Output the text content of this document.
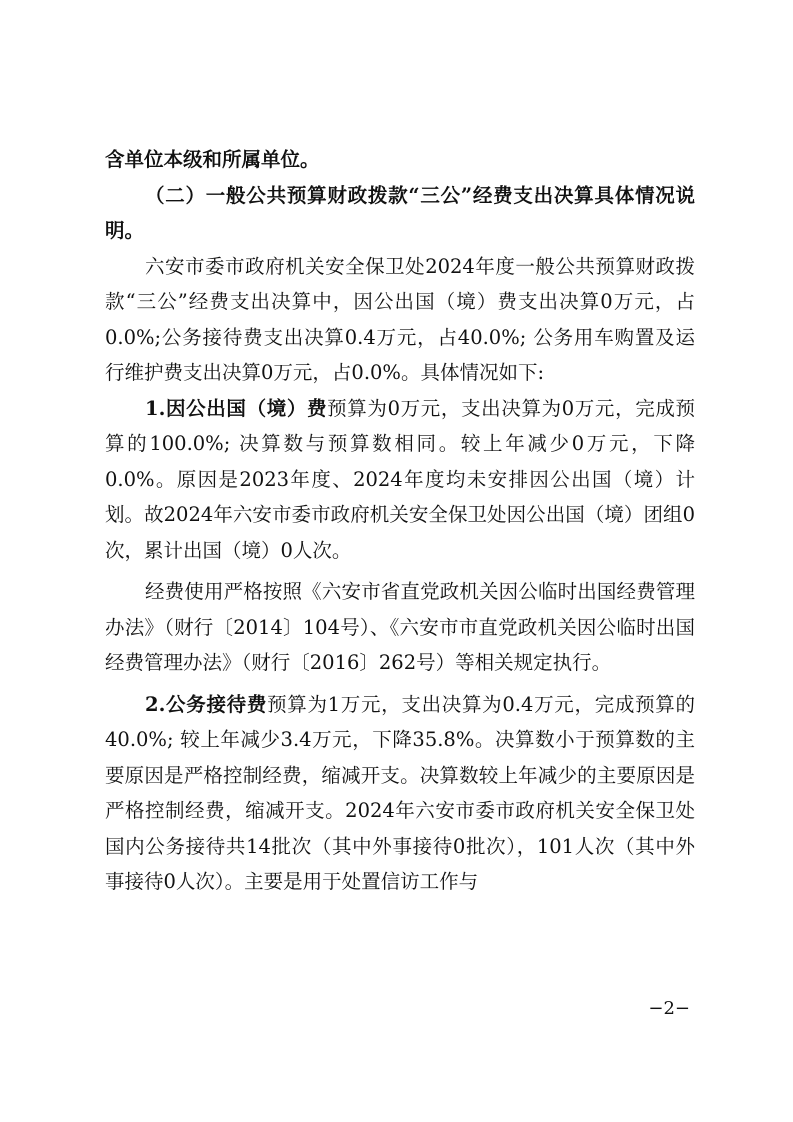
含单位本级和所属单位。

（二）一般公共预算财政拨款“三公”经费支出决算具体情况说明。

六安市委市政府机关安全保卫处2024年度一般公共预算财政拨款“三公”经费支出决算中，因公出国（境）费支出决算0万元，占0.0%;公务接待费支出决算0.4万元，占40.0%; 公务用车购置及运行维护费支出决算0万元，占0.0%。具体情况如下:

1.因公出国（境）费预算为0万元，支出决算为0万元，完成预算的100.0%; 决算数与预算数相同。较上年减少0万元，下降0.0%。原因是2023年度、2024年度均未安排因公出国（境）计划。故2024年六安市委市政府机关安全保卫处因公出国（境）团组0次，累计出国（境）0人次。

经费使用严格按照《六安市省直党政机关因公临时出国经费管理办法》（财行〔2014〕104号）、《六安市市直党政机关因公临时出国经费管理办法》（财行〔2016〕262号）等相关规定执行。

2.公务接待费预算为1万元，支出决算为0.4万元，完成预算的40.0%; 较上年减少3.4万元，下降35.8%。决算数小于预算数的主要原因是严格控制经费，缩减开支。决算数较上年减少的主要原因是严格控制经费，缩减开支。2024年六安市委市政府机关安全保卫处国内公务接待共14批次（其中外事接待0批次），101人次（其中外事接待0人次）。主要是用于处置信访工作与

−2−
